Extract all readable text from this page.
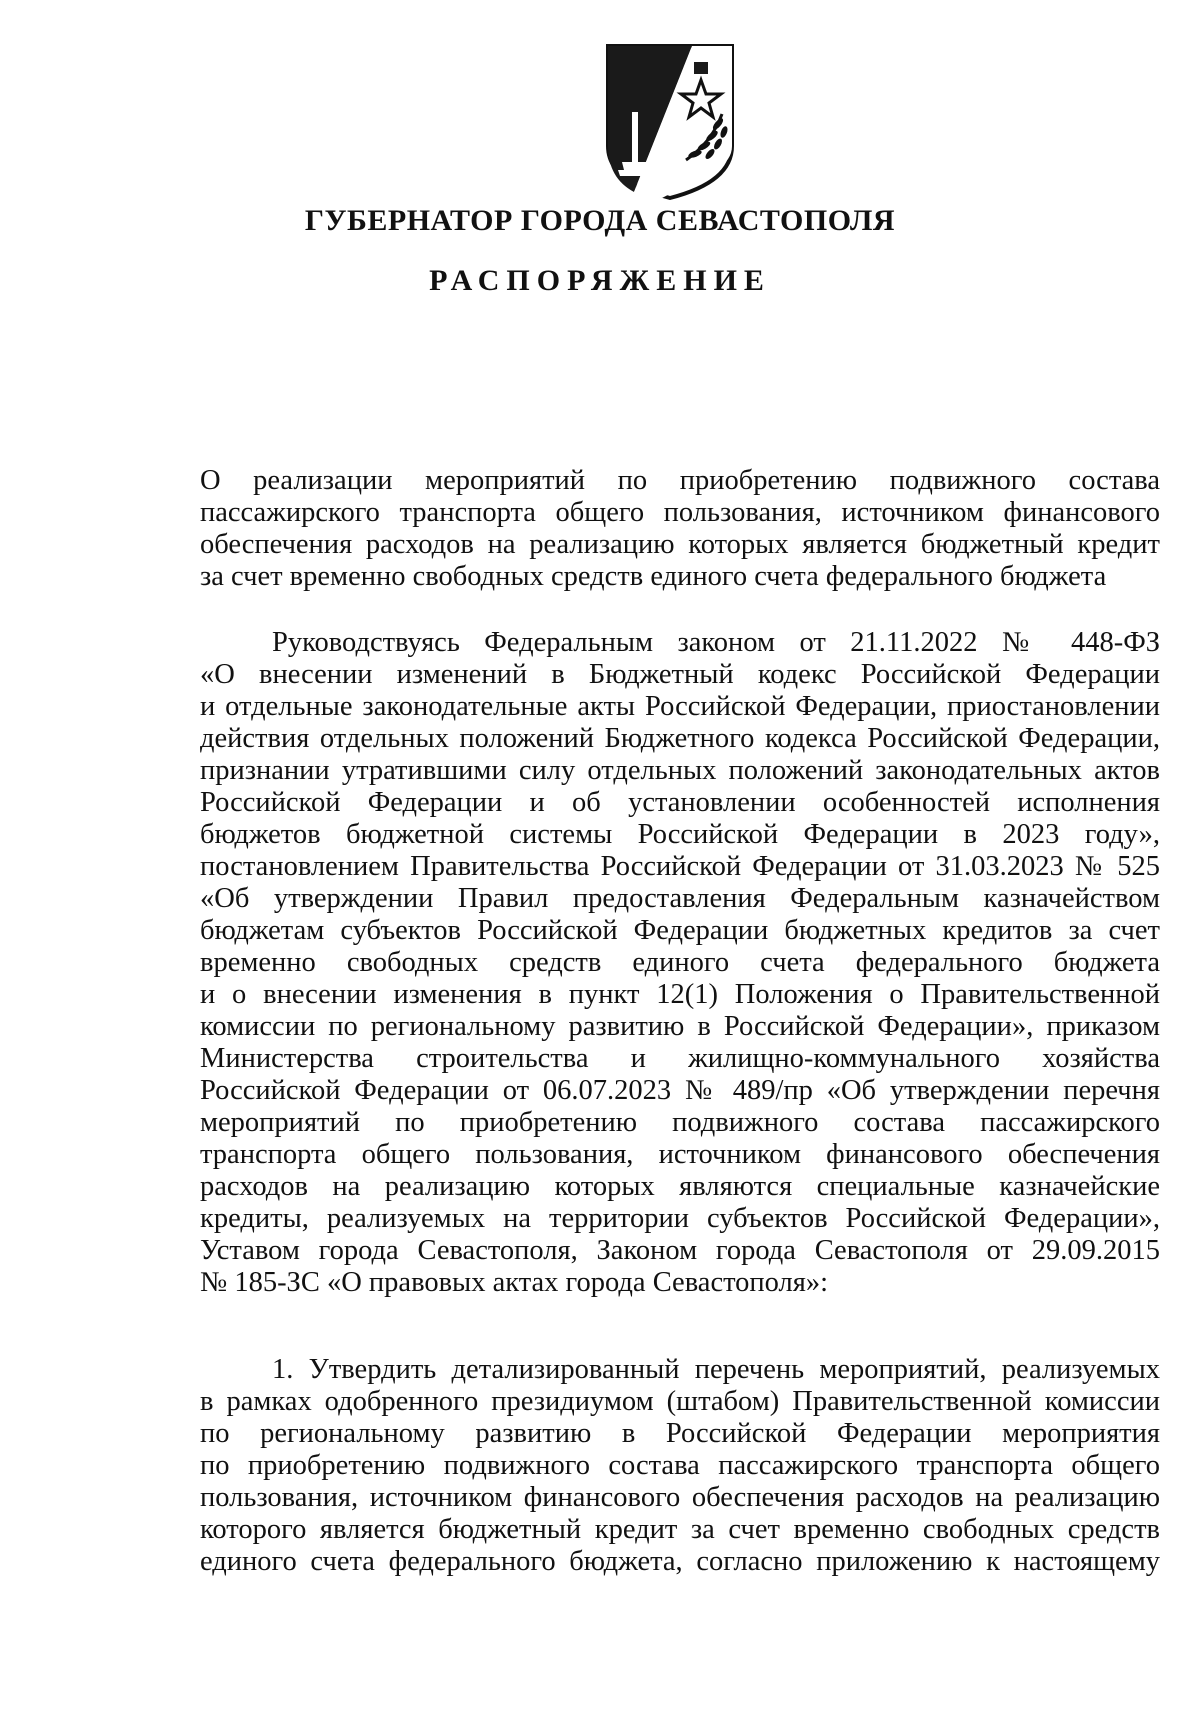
ГУБЕРНАТОР ГОРОДА СЕВАСТОПОЛЯ
РАСПОРЯЖЕНИЕ
О реализации мероприятий по приобретению подвижного состава
пассажирского транспорта общего пользования, источником финансового
обеспечения расходов на реализацию которых является бюджетный кредит
за счет временно свободных средств единого счета федерального бюджета
Руководствуясь Федеральным законом от 21.11.2022 № 448-ФЗ
«О внесении изменений в Бюджетный кодекс Российской Федерации
и отдельные законодательные акты Российской Федерации, приостановлении
действия отдельных положений Бюджетного кодекса Российской Федерации,
признании утратившими силу отдельных положений законодательных актов
Российской Федерации и об установлении особенностей исполнения
бюджетов бюджетной системы Российской Федерации в 2023 году»,
постановлением Правительства Российской Федерации от 31.03.2023 № 525
«Об утверждении Правил предоставления Федеральным казначейством
бюджетам субъектов Российской Федерации бюджетных кредитов за счет
временно свободных средств единого счета федерального бюджета
и о внесении изменения в пункт 12(1) Положения о Правительственной
комиссии по региональному развитию в Российской Федерации», приказом
Министерства строительства и жилищно-коммунального хозяйства
Российской Федерации от 06.07.2023 № 489/пр «Об утверждении перечня
мероприятий по приобретению подвижного состава пассажирского
транспорта общего пользования, источником финансового обеспечения
расходов на реализацию которых являются специальные казначейские
кредиты, реализуемых на территории субъектов Российской Федерации»,
Уставом города Севастополя, Законом города Севастополя от 29.09.2015
№ 185-ЗС «О правовых актах города Севастополя»:
1. Утвердить детализированный перечень мероприятий, реализуемых
в рамках одобренного президиумом (штабом) Правительственной комиссии
по региональному развитию в Российской Федерации мероприятия
по приобретению подвижного состава пассажирского транспорта общего
пользования, источником финансового обеспечения расходов на реализацию
которого является бюджетный кредит за счет временно свободных средств
единого счета федерального бюджета, согласно приложению к настоящему
